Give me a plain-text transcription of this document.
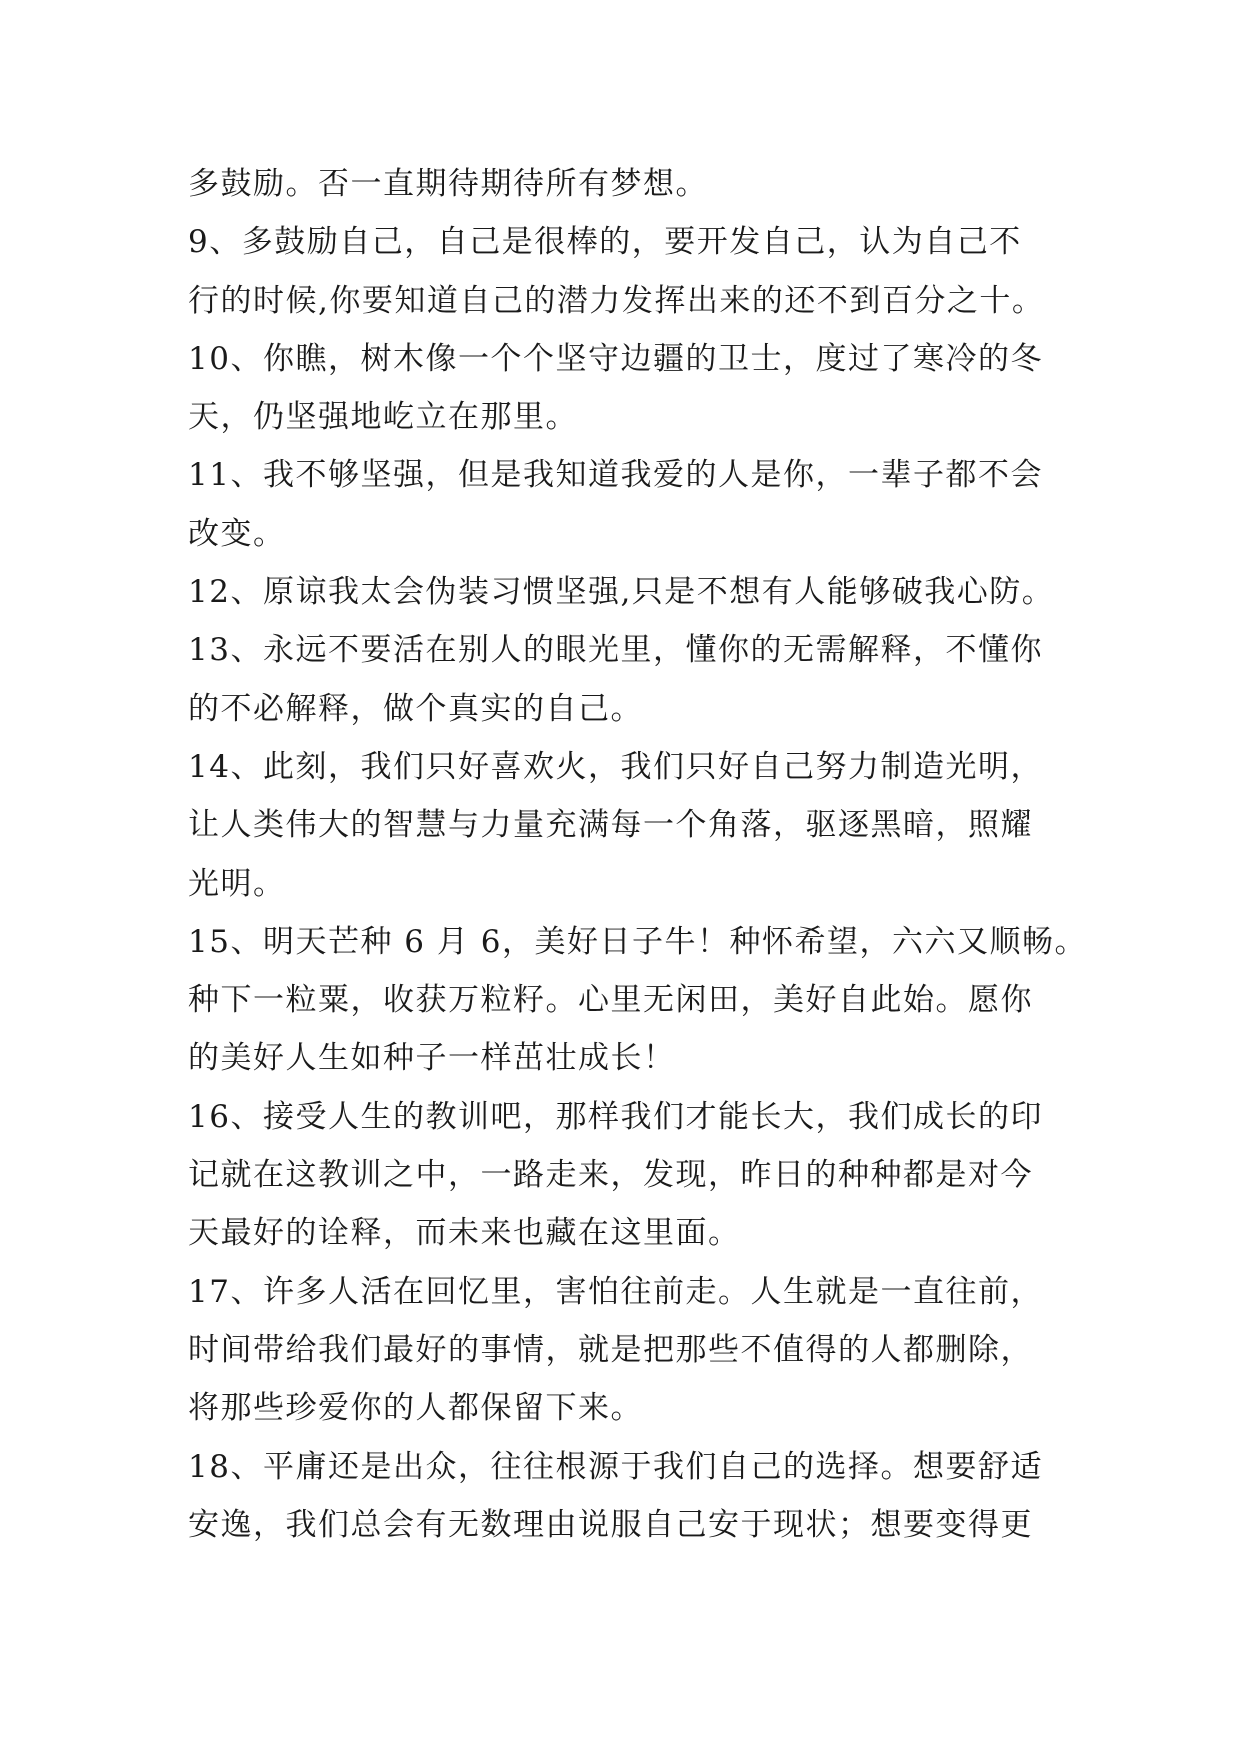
多鼓励。否一直期待期待所有梦想。
9、多鼓励自己，自己是很棒的，要开发自己，认为自己不
行的时候,你要知道自己的潜力发挥出来的还不到百分之十。
10、你瞧，树木像一个个坚守边疆的卫士，度过了寒冷的冬
天，仍坚强地屹立在那里。
11、我不够坚强，但是我知道我爱的人是你，一辈子都不会
改变。
12、原谅我太会伪装习惯坚强,只是不想有人能够破我心防。
13、永远不要活在别人的眼光里，懂你的无需解释，不懂你
的不必解释，做个真实的自己。
14、此刻，我们只好喜欢火，我们只好自己努力制造光明，
让人类伟大的智慧与力量充满每一个角落，驱逐黑暗，照耀
光明。
15、明天芒种 6 月 6，美好日子牛！种怀希望，六六又顺畅。
种下一粒粟，收获万粒籽。心里无闲田，美好自此始。愿你
的美好人生如种子一样茁壮成长！
16、接受人生的教训吧，那样我们才能长大，我们成长的印
记就在这教训之中，一路走来，发现，昨日的种种都是对今
天最好的诠释，而未来也藏在这里面。
17、许多人活在回忆里，害怕往前走。人生就是一直往前，
时间带给我们最好的事情，就是把那些不值得的人都删除，
将那些珍爱你的人都保留下来。
18、平庸还是出众，往往根源于我们自己的选择。想要舒适
安逸，我们总会有无数理由说服自己安于现状；想要变得更
